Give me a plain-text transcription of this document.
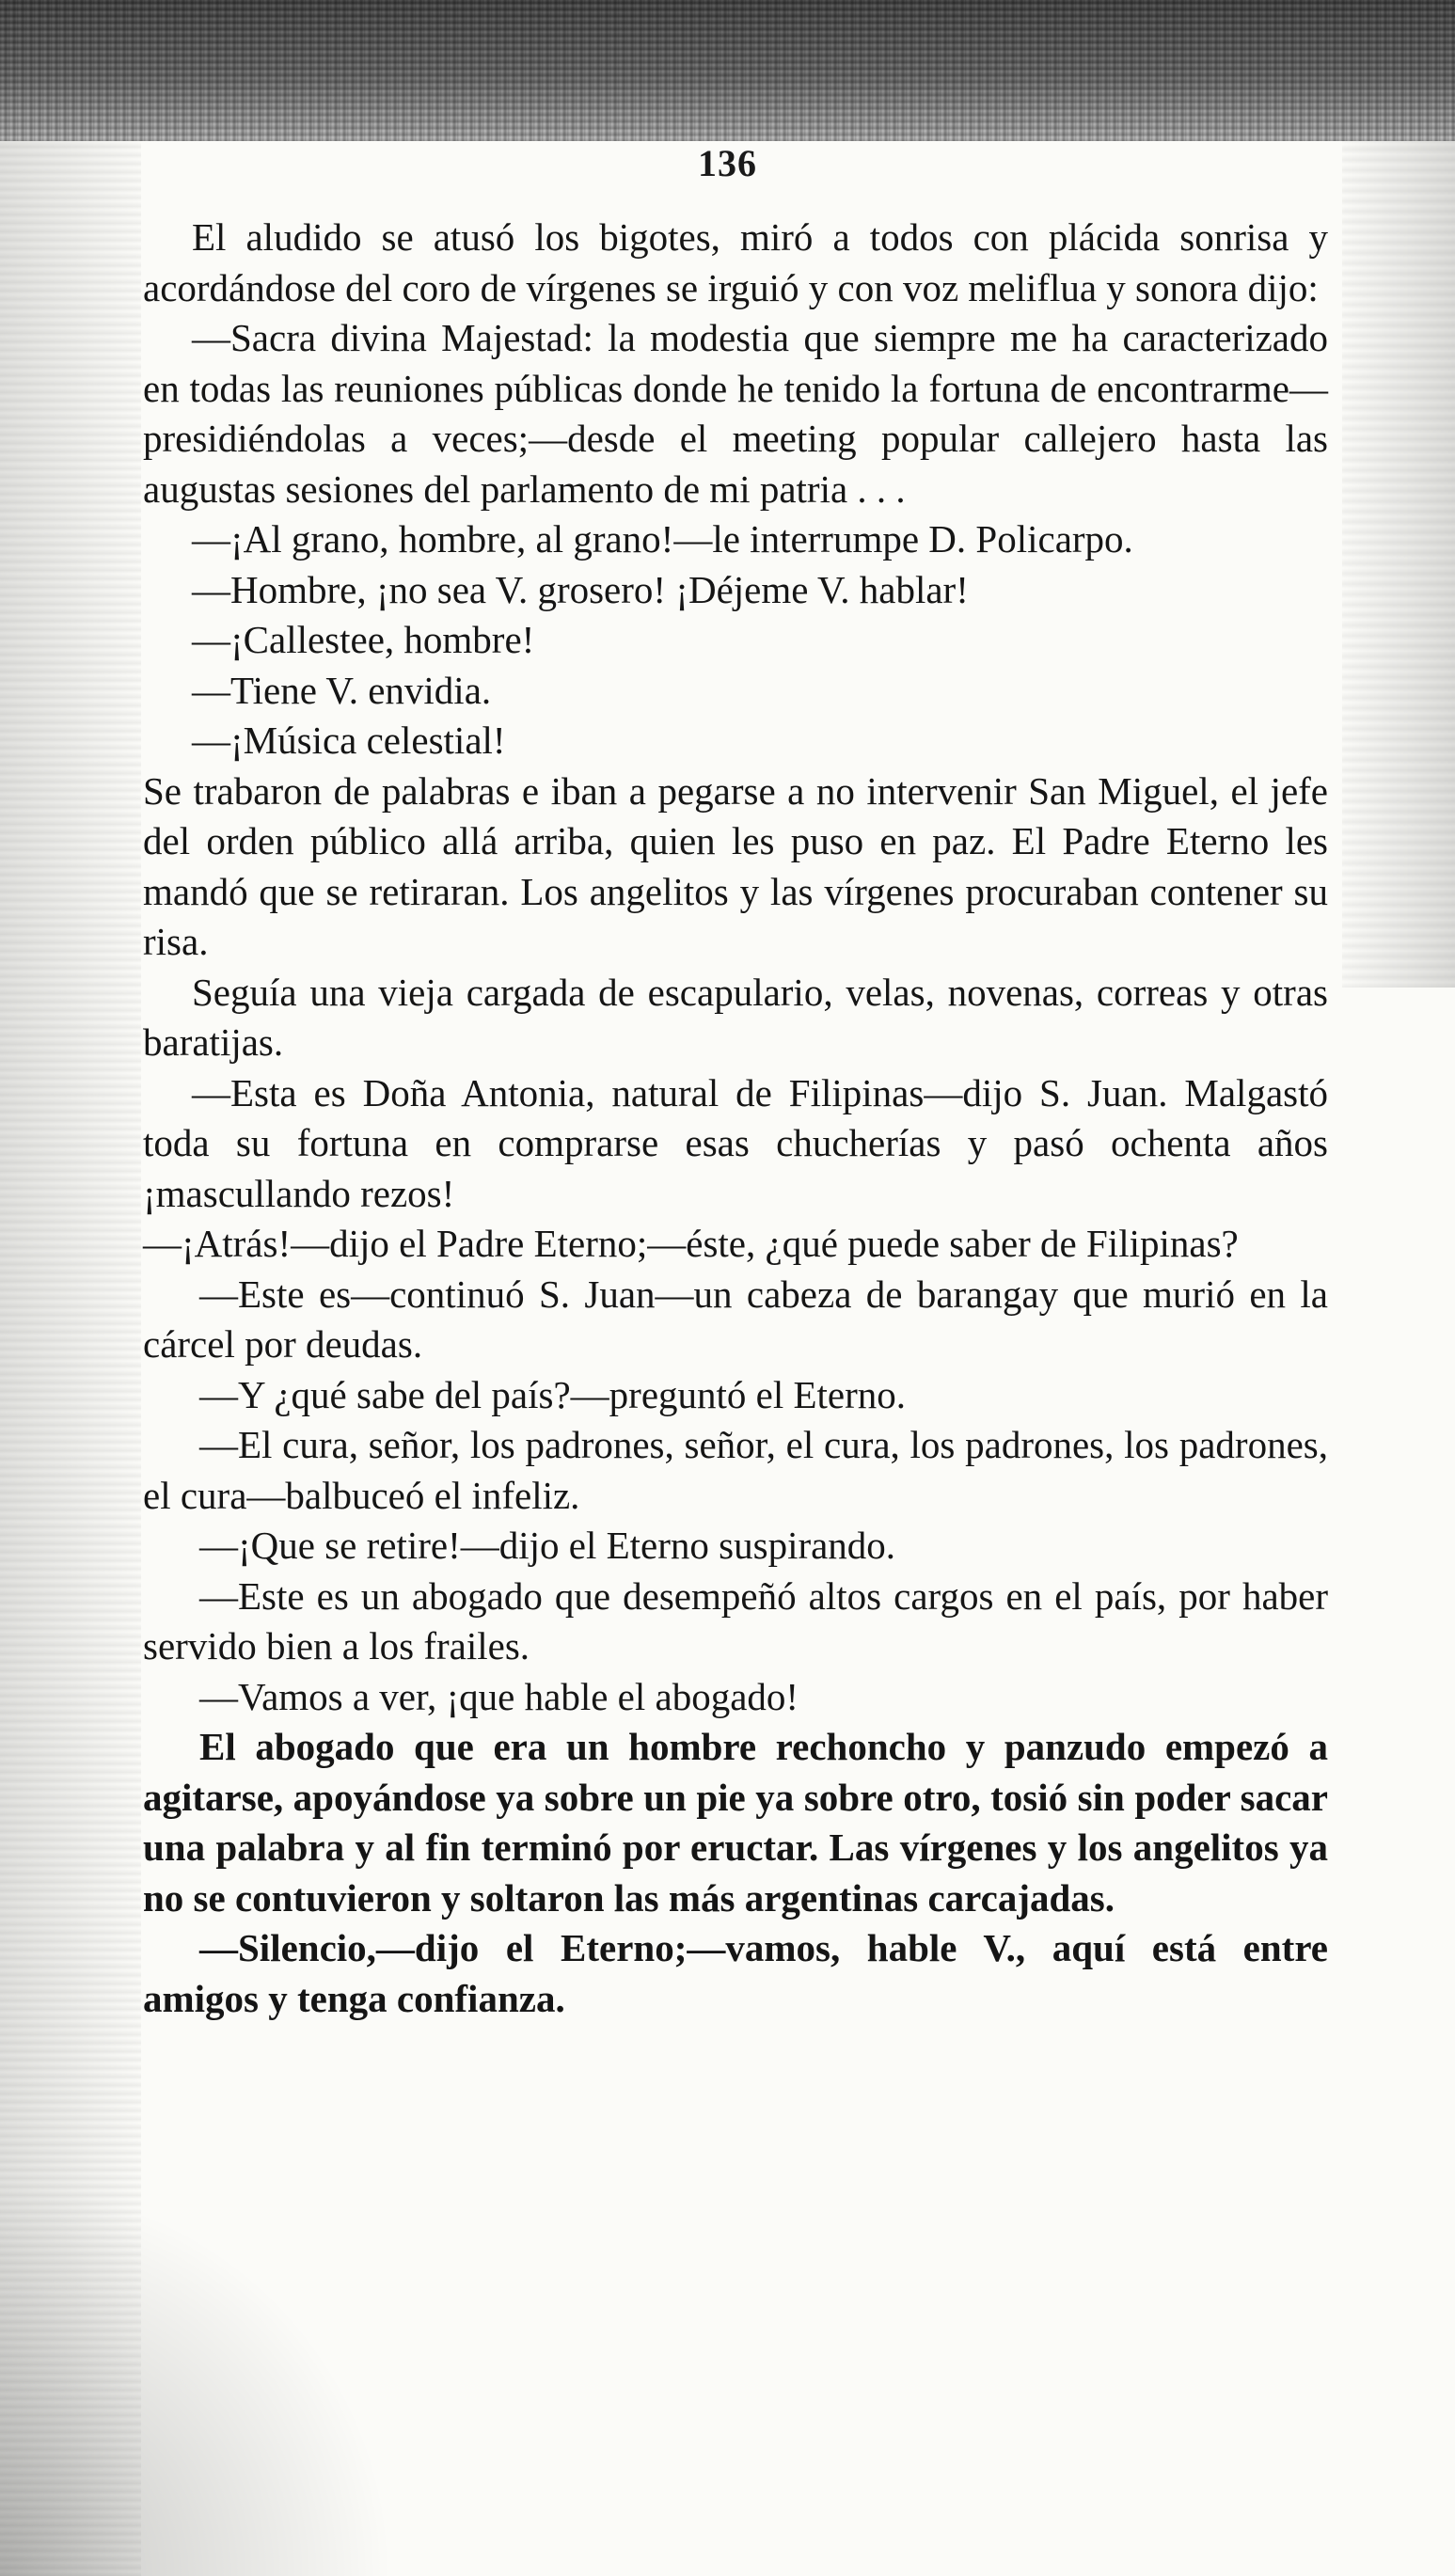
136

El aludido se atusó los bigotes, miró a todos con plácida sonrisa y acordándose del coro de vírgenes se irguió y con voz meliflua y sonora dijo:

—Sacra divina Majestad: la modestia que siempre me ha caracterizado en todas las reuniones públicas donde he tenido la fortuna de encontrarme—presidiéndolas a veces;—desde el meeting popular callejero hasta las augustas sesiones del parlamento de mi patria . . .

—¡Al grano, hombre, al grano!—le interrumpe D. Policarpo.

—Hombre, ¡no sea V. grosero! ¡Déjeme V. hablar!

—¡Callestee, hombre!

—Tiene V. envidia.

—¡Música celestial!

Se trabaron de palabras e iban a pegarse a no intervenir San Miguel, el jefe del orden público allá arriba, quien les puso en paz. El Padre Eterno les mandó que se retiraran. Los angelitos y las vírgenes procuraban contener su risa.

Seguía una vieja cargada de escapulario, velas, novenas, correas y otras baratijas.

—Esta es Doña Antonia, natural de Filipinas—dijo S. Juan. Malgastó toda su fortuna en comprarse esas chucherías y pasó ochenta años ¡mascullando rezos!

—¡Atrás!—dijo el Padre Eterno;—éste, ¿qué puede saber de Filipinas?

—Este es—continuó S. Juan—un cabeza de barangay que murió en la cárcel por deudas.

—Y ¿qué sabe del país?—preguntó el Eterno.

—El cura, señor, los padrones, señor, el cura, los padrones, los padrones, el cura—balbuceó el infeliz.

—¡Que se retire!—dijo el Eterno suspirando.

—Este es un abogado que desempeñó altos cargos en el país, por haber servido bien a los frailes.

—Vamos a ver, ¡que hable el abogado!

El abogado que era un hombre rechoncho y panzudo empezó a agitarse, apoyándose ya sobre un pie ya sobre otro, tosió sin poder sacar una palabra y al fin terminó por eructar. Las vírgenes y los angelitos ya no se contuvieron y soltaron las más argentinas carcajadas.

—Silencio,—dijo el Eterno;—vamos, hable V., aquí está entre amigos y tenga confianza.
